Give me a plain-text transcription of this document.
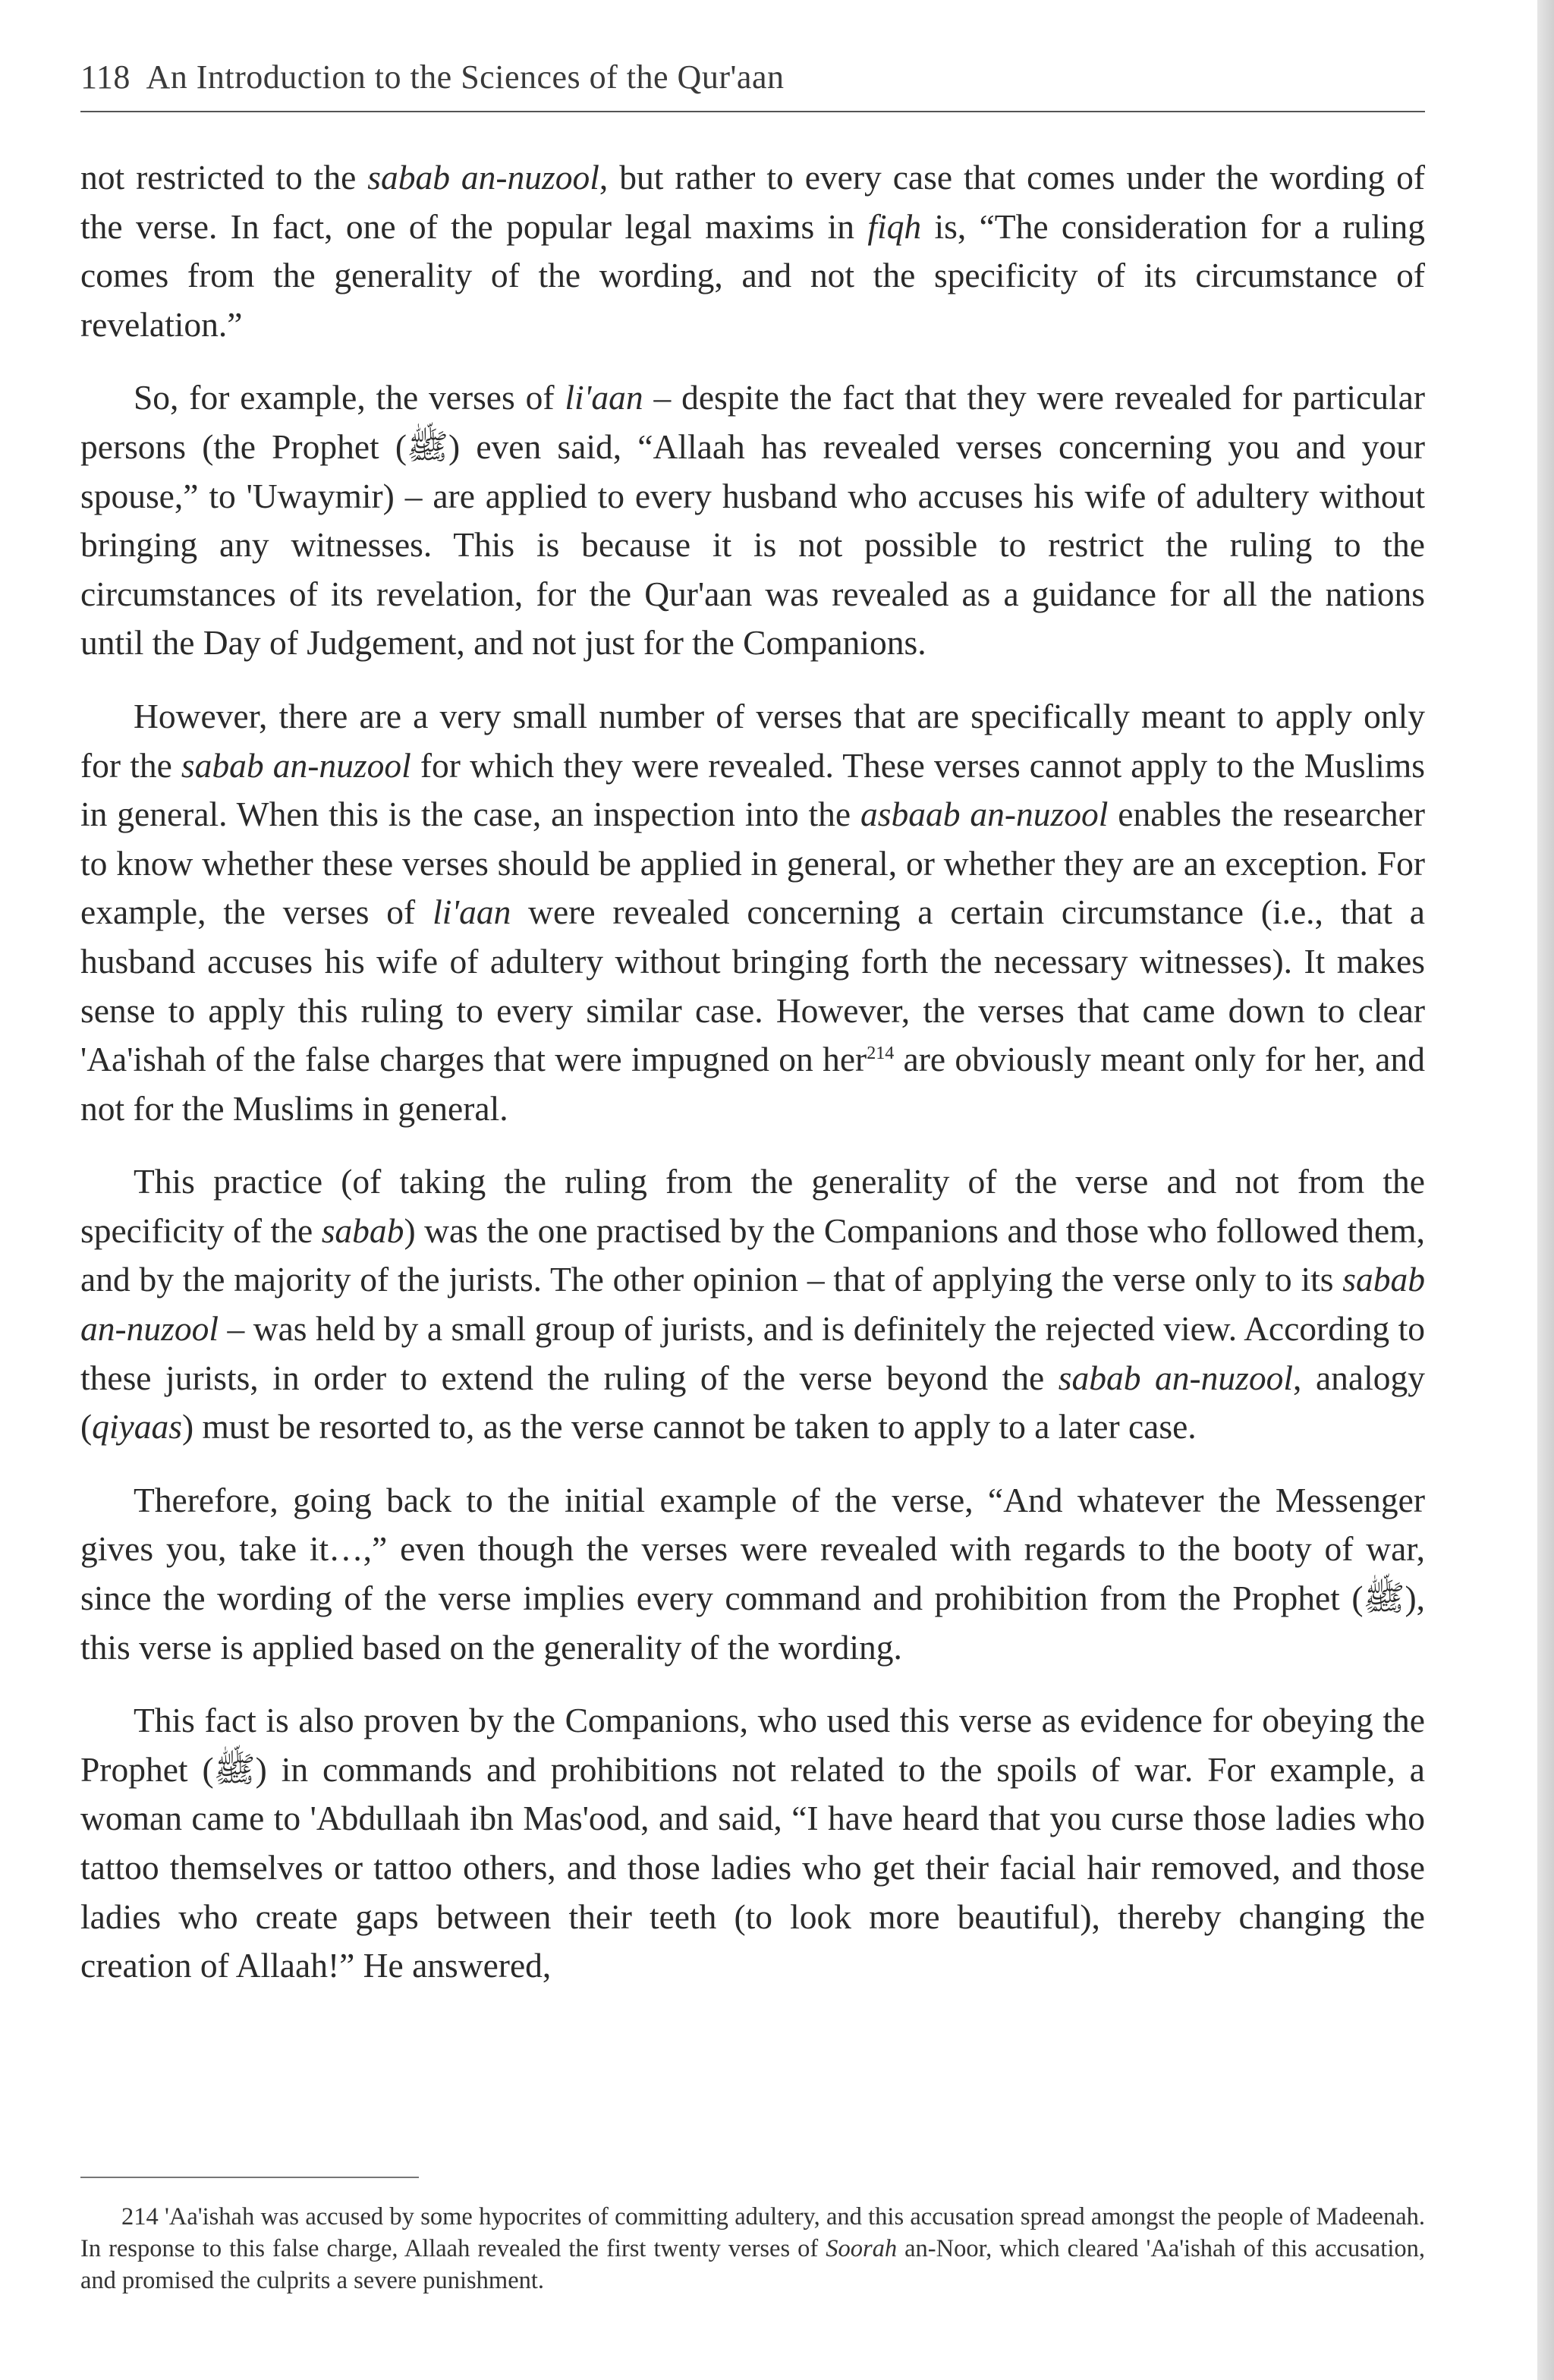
118 An Introduction to the Sciences of the Qur'aan

not restricted to the sabab an-nuzool, but rather to every case that comes under the wording of the verse. In fact, one of the popular legal maxims in fiqh is, “The consideration for a ruling comes from the generality of the wording, and not the specificity of its circumstance of revelation.”

So, for example, the verses of li'aan – despite the fact that they were revealed for particular persons (the Prophet (ﷺ) even said, “Allaah has revealed verses concerning you and your spouse,” to 'Uwaymir) – are applied to every husband who accuses his wife of adultery without bringing any witnesses. This is because it is not possible to restrict the ruling to the circumstances of its revelation, for the Qur'aan was revealed as a guidance for all the nations until the Day of Judgement, and not just for the Companions.

However, there are a very small number of verses that are specifically meant to apply only for the sabab an-nuzool for which they were revealed. These verses cannot apply to the Muslims in general. When this is the case, an inspection into the asbaab an-nuzool enables the researcher to know whether these verses should be applied in general, or whether they are an exception. For example, the verses of li'aan were revealed concerning a certain circumstance (i.e., that a husband accuses his wife of adultery without bringing forth the necessary witnesses). It makes sense to apply this ruling to every similar case. However, the verses that came down to clear 'Aa'ishah of the false charges that were impugned on her$^{214}$ are obviously meant only for her, and not for the Muslims in general.

This practice (of taking the ruling from the generality of the verse and not from the specificity of the sabab) was the one practised by the Companions and those who followed them, and by the majority of the jurists. The other opinion – that of applying the verse only to its sabab an-nuzool – was held by a small group of jurists, and is definitely the rejected view. According to these jurists, in order to extend the ruling of the verse beyond the sabab an-nuzool, analogy (qiyaas) must be resorted to, as the verse cannot be taken to apply to a later case.

Therefore, going back to the initial example of the verse, “And whatever the Messenger gives you, take it…,” even though the verses were revealed with regards to the booty of war, since the wording of the verse implies every command and prohibition from the Prophet (ﷺ), this verse is applied based on the generality of the wording.

This fact is also proven by the Companions, who used this verse as evidence for obeying the Prophet (ﷺ) in commands and prohibitions not related to the spoils of war. For example, a woman came to 'Abdullaah ibn Mas'ood, and said, “I have heard that you curse those ladies who tattoo themselves or tattoo others, and those ladies who get their facial hair removed, and those ladies who create gaps between their teeth (to look more beautiful), thereby changing the creation of Allaah!” He answered,

214 'Aa'ishah was accused by some hypocrites of committing adultery, and this accusation spread amongst the people of Madeenah. In response to this false charge, Allaah revealed the first twenty verses of Soorah an-Noor, which cleared 'Aa'ishah of this accusation, and promised the culprits a severe punishment.
